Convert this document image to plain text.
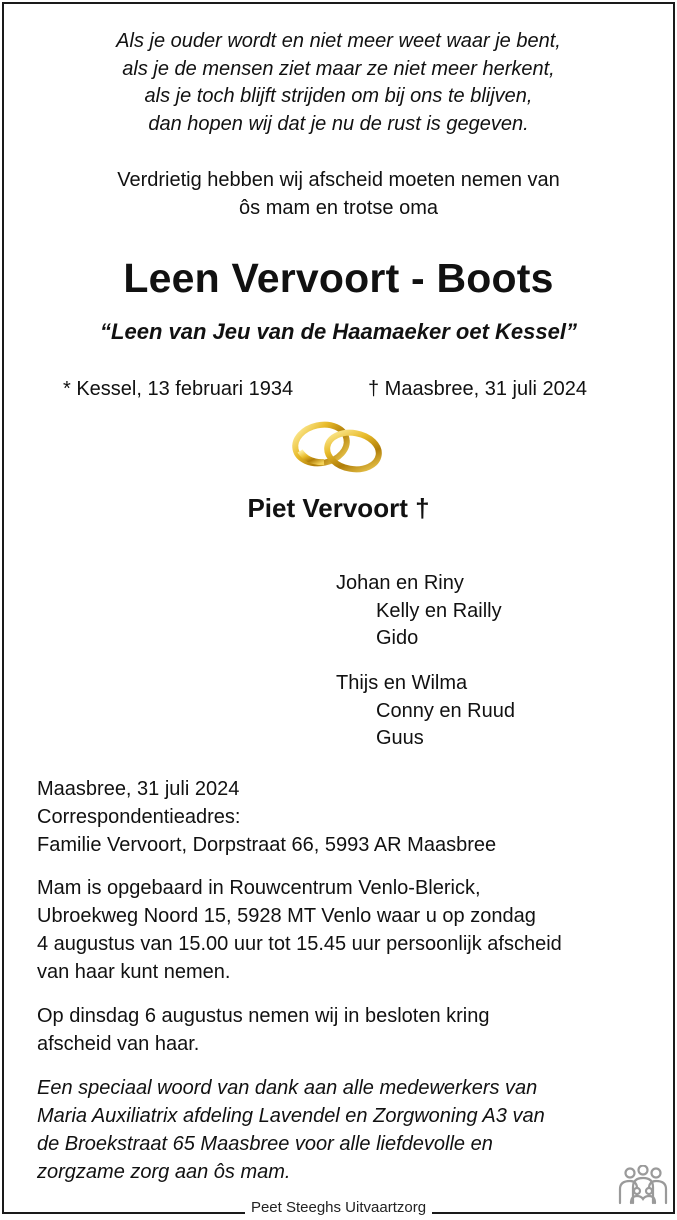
Als je ouder wordt en niet meer weet waar je bent,
als je de mensen ziet maar ze niet meer herkent,
als je toch blijft strijden om bij ons te blijven,
dan hopen wij dat je nu de rust is gegeven.
Verdrietig hebben wij afscheid moeten nemen van
ôs mam en trotse oma
Leen Vervoort - Boots
“Leen van Jeu van de Haamaeker oet Kessel”
* Kessel, 13 februari 1934	† Maasbree, 31 juli 2024
Piet Vervoort †
Johan en Riny
Kelly en Railly
Gido
Thijs en Wilma
Conny en Ruud
Guus
Maasbree, 31 juli 2024
Correspondentieadres:
Familie Vervoort, Dorpstraat 66, 5993 AR Maasbree
Mam is opgebaard in Rouwcentrum Venlo-Blerick,
Ubroekweg Noord 15, 5928 MT Venlo waar u op zondag
4 augustus van 15.00 uur tot 15.45 uur persoonlijk afscheid
van haar kunt nemen.
Op dinsdag 6 augustus nemen wij in besloten kring
afscheid van haar.
Een speciaal woord van dank aan alle medewerkers van
Maria Auxiliatrix afdeling Lavendel en Zorgwoning A3 van
de Broekstraat 65 Maasbree voor alle liefdevolle en
zorgzame zorg aan ôs mam.
Peet Steeghs Uitvaartzorg
